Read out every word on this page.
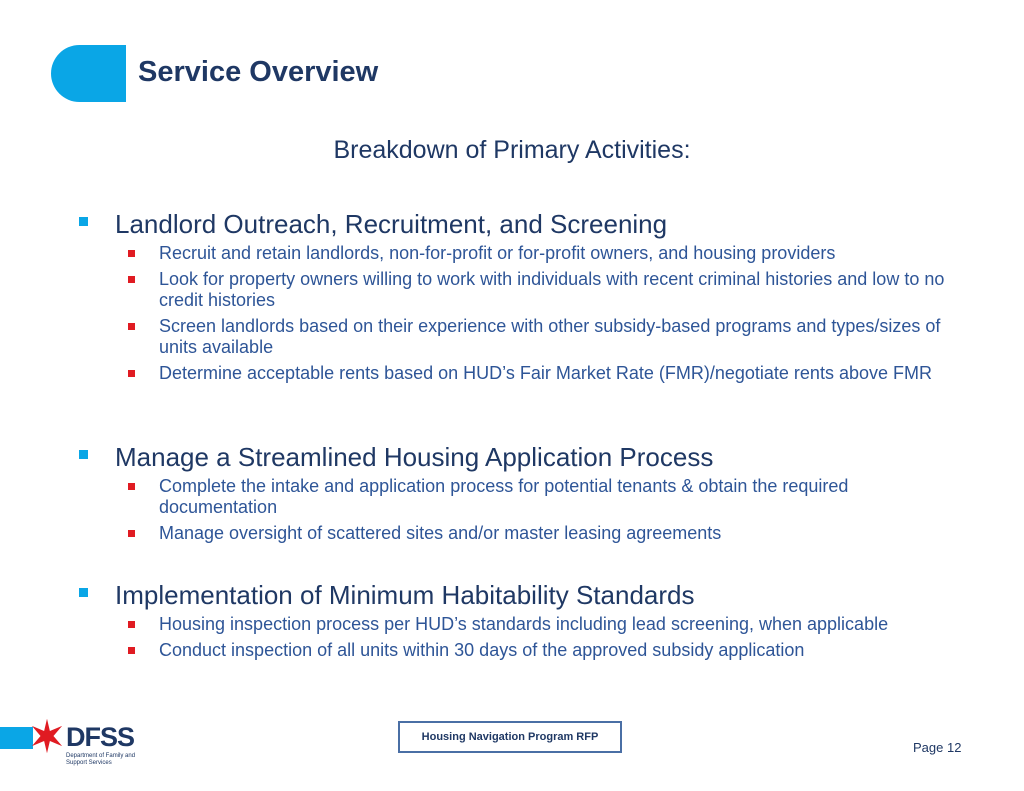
Service Overview
Breakdown of Primary Activities:
Landlord Outreach, Recruitment, and Screening
Recruit and retain landlords, non-for-profit or for-profit owners, and housing providers
Look for property owners willing to work with individuals with recent criminal histories and low to no credit histories
Screen landlords based on their experience with other subsidy-based programs and types/sizes of units available
Determine acceptable rents based on HUD’s Fair Market Rate (FMR)/negotiate rents above FMR
Manage a Streamlined Housing Application Process
Complete the intake and application process for potential tenants & obtain the required documentation
Manage oversight of scattered sites and/or master leasing agreements
Implementation of Minimum Habitability Standards
Housing inspection process per HUD’s standards including lead screening, when applicable
Conduct inspection of all units within 30 days of the approved subsidy application
DFSS
Department of Family and Support Services
Housing Navigation Program RFP
Page 12
